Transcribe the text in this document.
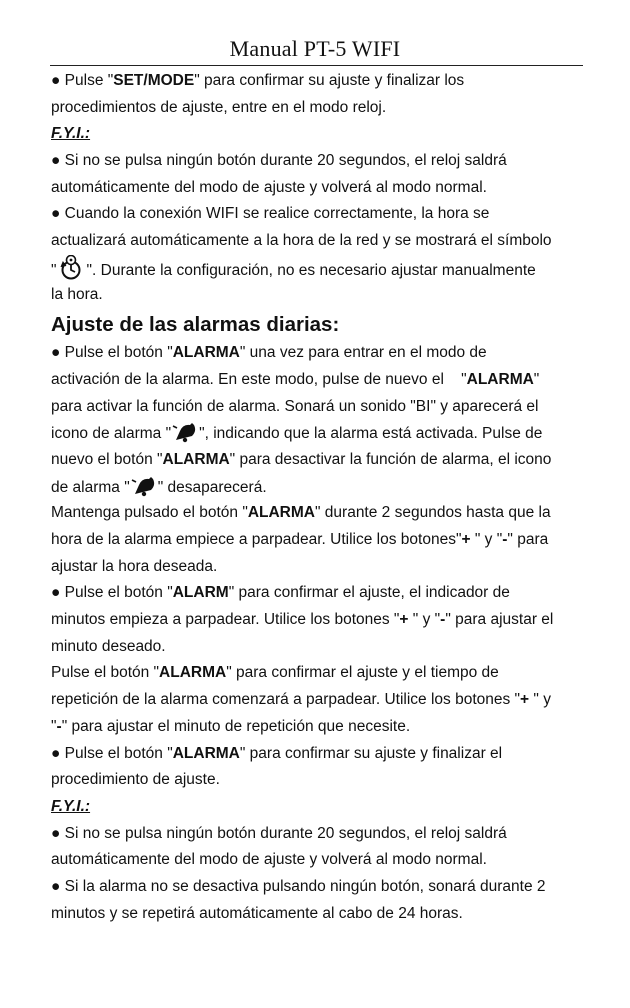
Manual PT-5 WIFI
● Pulse "SET/MODE" para confirmar su ajuste y finalizar los
procedimientos de ajuste, entre en el modo reloj.
F.Y.I.:
● Si no se pulsa ningún botón durante 20 segundos, el reloj saldrá
automáticamente del modo de ajuste y volverá al modo normal.
● Cuando la conexión WIFI se realice correctamente, la hora se
actualizará automáticamente a la hora de la red y se mostrará el símbolo
" ". Durante la configuración, no es necesario ajustar manualmente
la hora.
Ajuste de las alarmas diarias:
● Pulse el botón "ALARMA" una vez para entrar en el modo de
activación de la alarma. En este modo, pulse de nuevo el    "ALARMA"
para activar la función de alarma. Sonará un sonido "BI" y aparecerá el
icono de alarma " ", indicando que la alarma está activada. Pulse de
nuevo el botón "ALARMA" para desactivar la función de alarma, el icono
de alarma " " desaparecerá.
Mantenga pulsado el botón "ALARMA" durante 2 segundos hasta que la
hora de la alarma empiece a parpadear. Utilice los botones"+ " y "-" para
ajustar la hora deseada.
● Pulse el botón "ALARM" para confirmar el ajuste, el indicador de
minutos empieza a parpadear. Utilice los botones "+ " y "-" para ajustar el
minuto deseado.
Pulse el botón "ALARMA" para confirmar el ajuste y el tiempo de
repetición de la alarma comenzará a parpadear. Utilice los botones "+ " y
"-" para ajustar el minuto de repetición que necesite.
● Pulse el botón "ALARMA" para confirmar su ajuste y finalizar el
procedimiento de ajuste.
F.Y.I.:
● Si no se pulsa ningún botón durante 20 segundos, el reloj saldrá
automáticamente del modo de ajuste y volverá al modo normal.
● Si la alarma no se desactiva pulsando ningún botón, sonará durante 2
minutos y se repetirá automáticamente al cabo de 24 horas.
